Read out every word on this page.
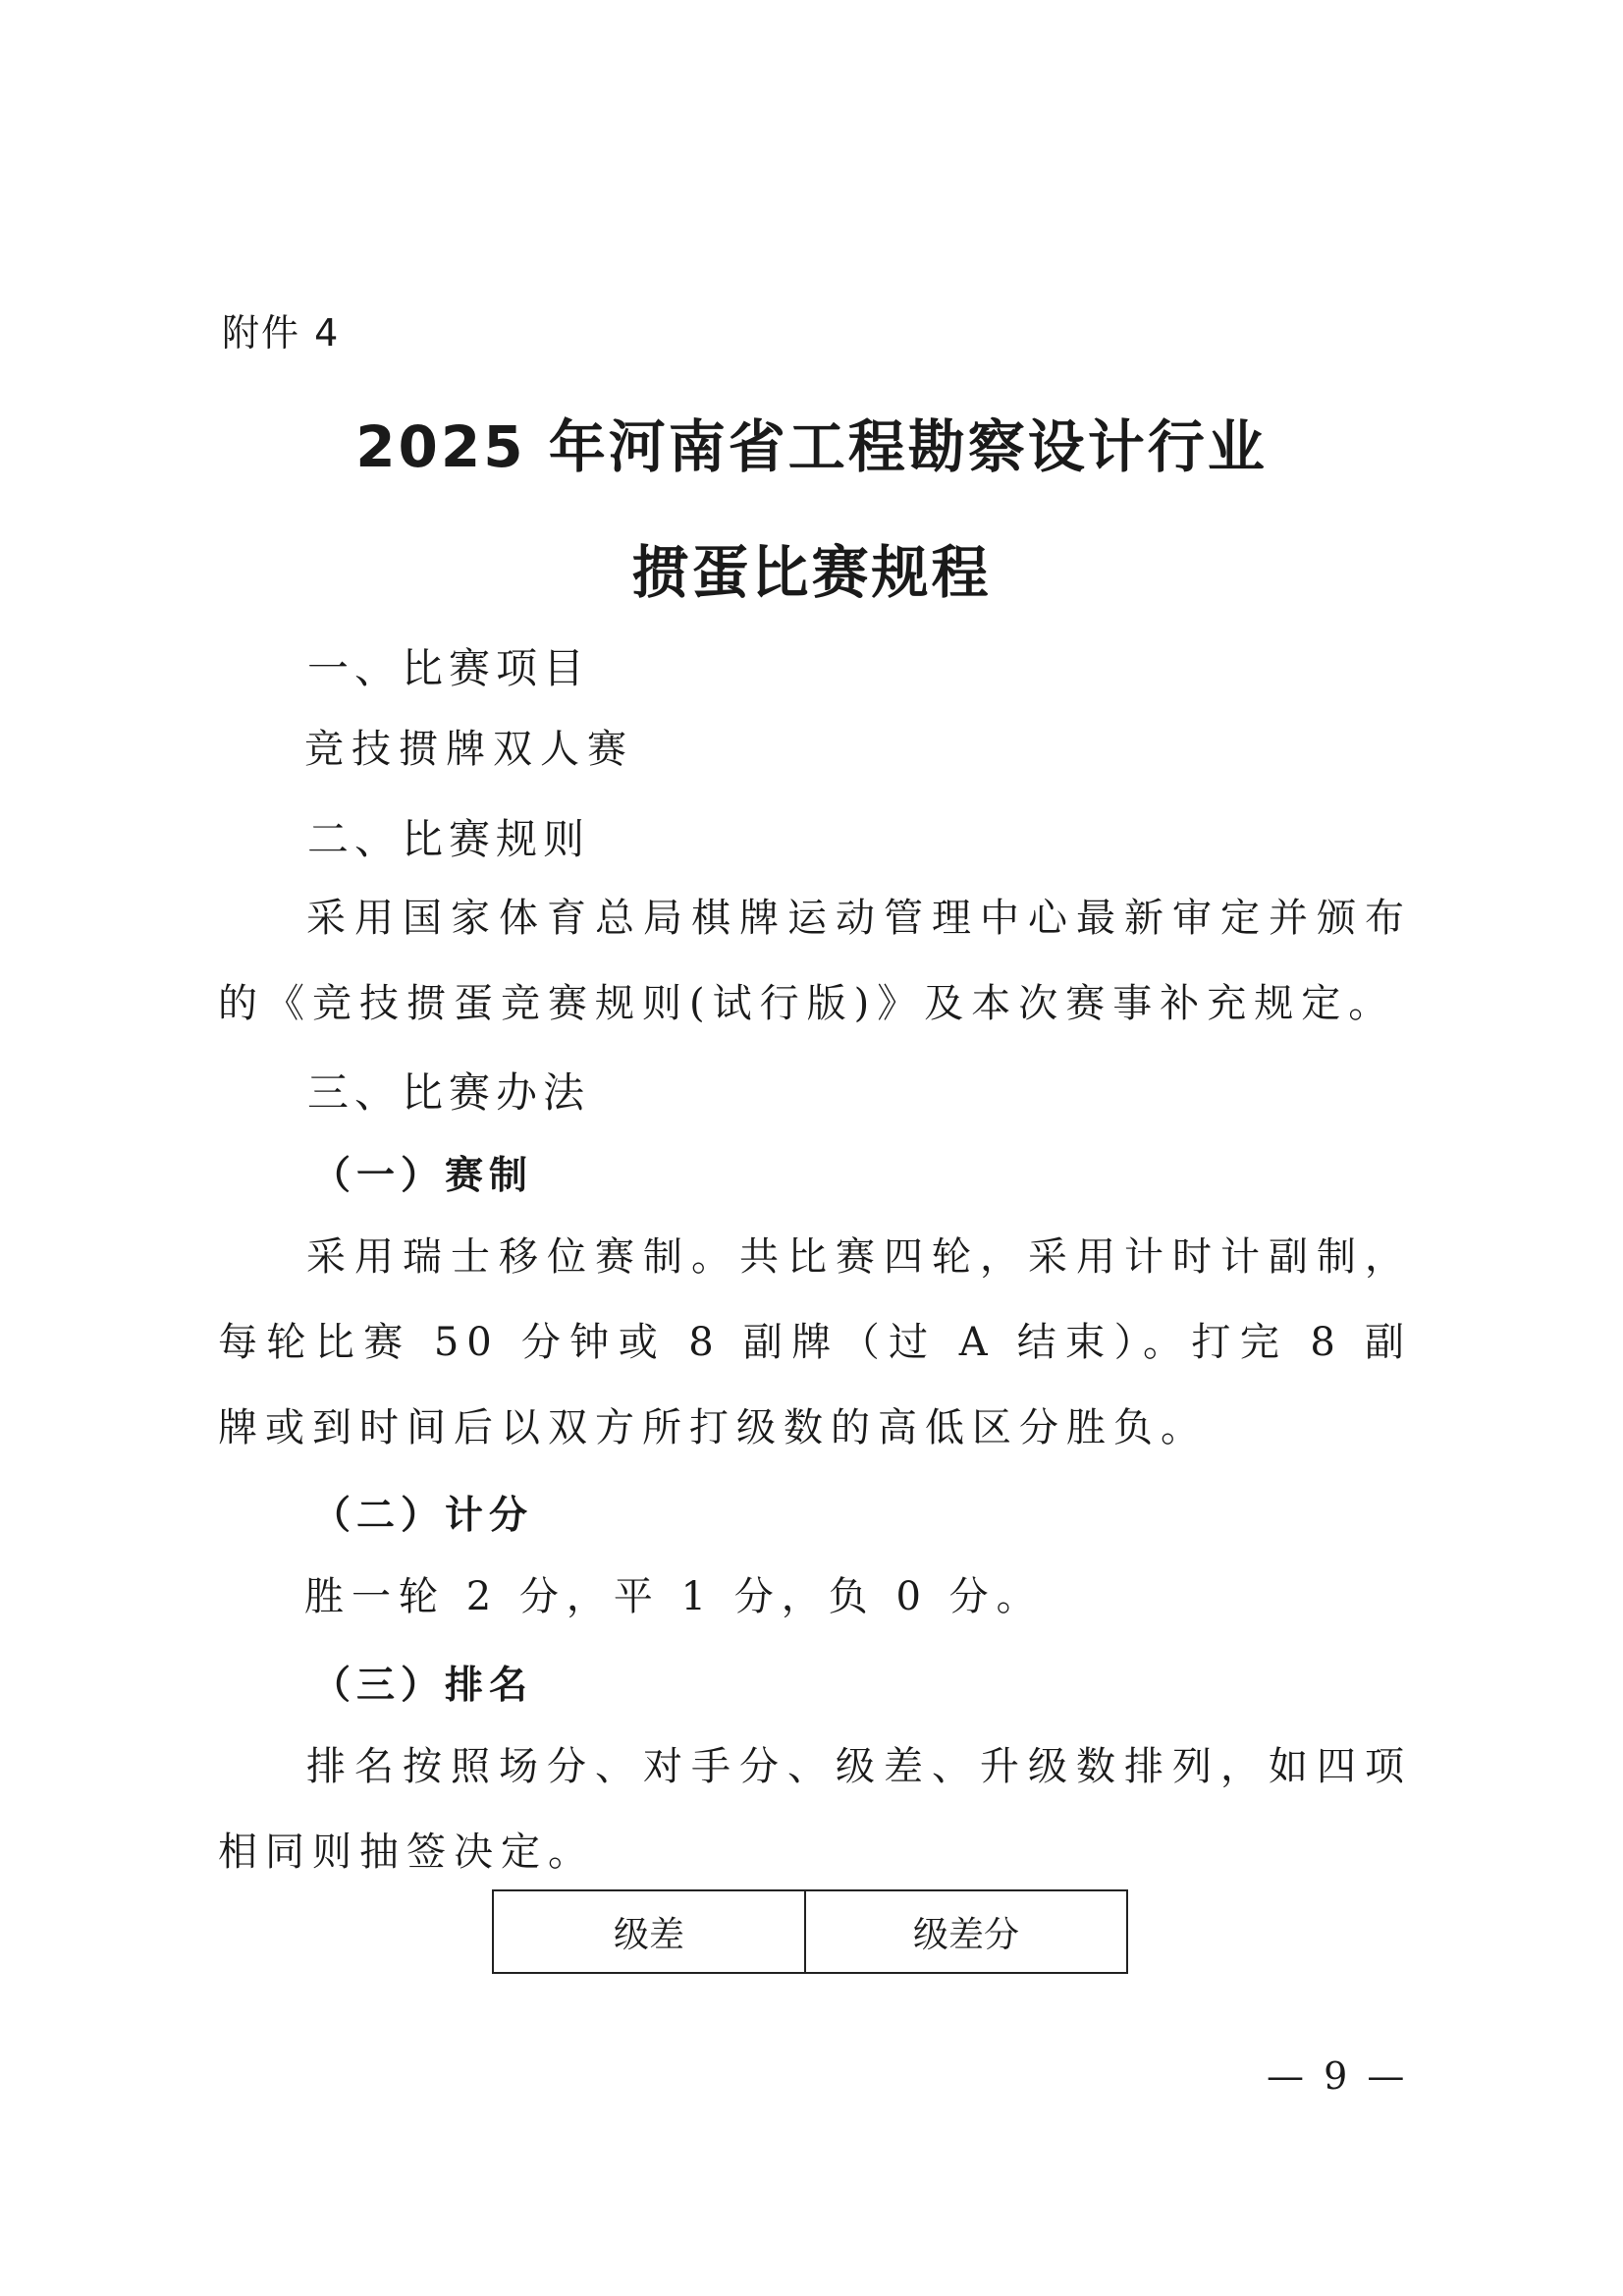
附件 4
2025 年河南省工程勘察设计行业
掼蛋比赛规程
一、比赛项目
竞技掼牌双人赛
二、比赛规则
采用国家体育总局棋牌运动管理中心最新审定并颁布的《竞技掼蛋竞赛规则(试行版)》及本次赛事补充规定。
三、比赛办法
（一）赛制
采用瑞士移位赛制。共比赛四轮，采用计时计副制，每轮比赛 50 分钟或 8 副牌（过 A 结束）。打完 8 副牌或到时间后以双方所打级数的高低区分胜负。
（二）计分
胜一轮 2 分，平 1 分，负 0 分。
（三）排名
排名按照场分、对手分、级差、升级数排列，如四项相同则抽签决定。
级差	级差分
— 9 —
